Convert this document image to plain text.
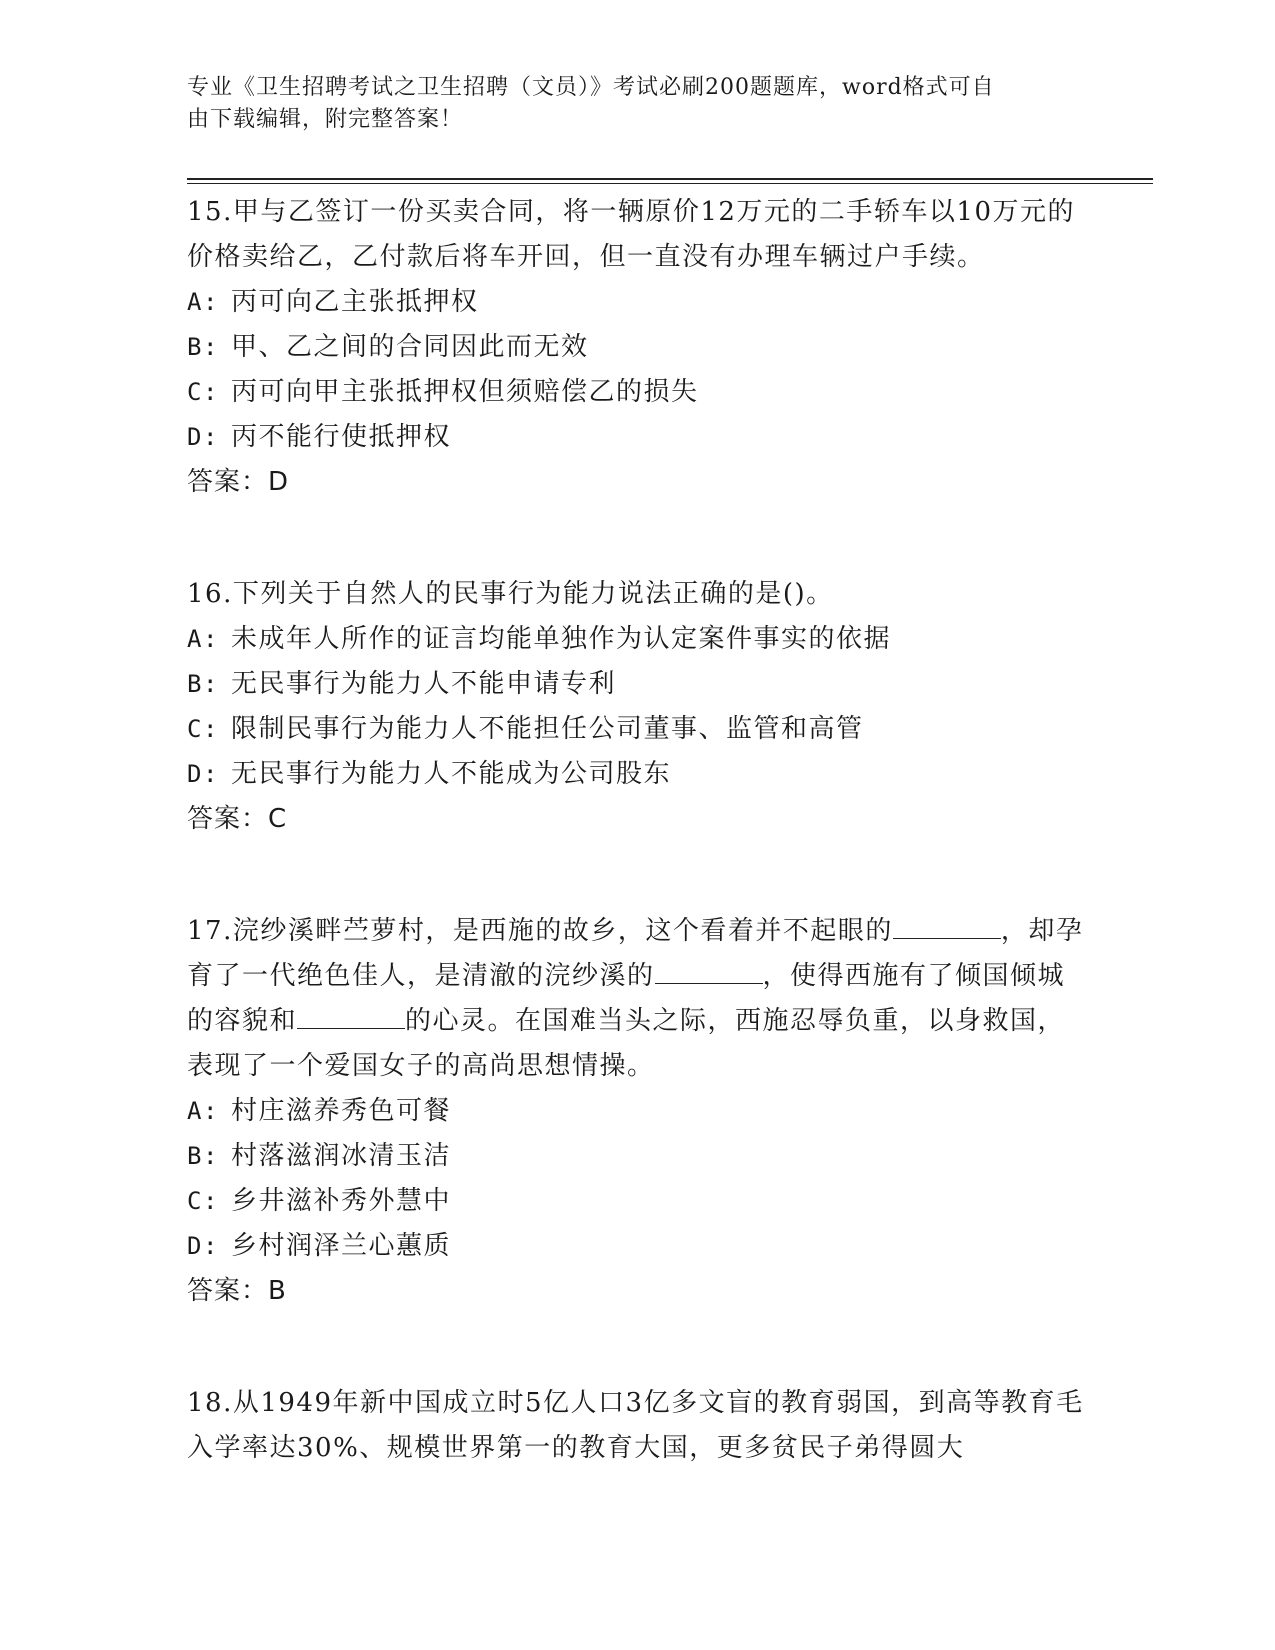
专业《卫生招聘考试之卫生招聘（文员）》考试必刷200题题库，word格式可自
由下载编辑，附完整答案！
15.甲与乙签订一份买卖合同，将一辆原价12万元的二手轿车以10万元的价格卖给乙，乙付款后将车开回，但一直没有办理车辆过户手续。
A: 丙可向乙主张抵押权
B: 甲、乙之间的合同因此而无效
C: 丙可向甲主张抵押权但须赔偿乙的损失
D: 丙不能行使抵押权
答案：D
16.下列关于自然人的民事行为能力说法正确的是()。
A: 未成年人所作的证言均能单独作为认定案件事实的依据
B: 无民事行为能力人不能申请专利
C: 限制民事行为能力人不能担任公司董事、监管和高管
D: 无民事行为能力人不能成为公司股东
答案：C
17.浣纱溪畔苎萝村，是西施的故乡，这个看着并不起眼的	，却孕育了一代绝色佳人，是清澈的浣纱溪的	，使得西施有了倾国倾城的容貌和	的心灵。在国难当头之际，西施忍辱负重，以身救国，表现了一个爱国女子的高尚思想情操。
A: 村庄滋养秀色可餐
B: 村落滋润冰清玉洁
C: 乡井滋补秀外慧中
D: 乡村润泽兰心蕙质
答案：B
18.从1949年新中国成立时5亿人口3亿多文盲的教育弱国，到高等教育毛入学率达30%、规模世界第一的教育大国，更多贫民子弟得圆大
